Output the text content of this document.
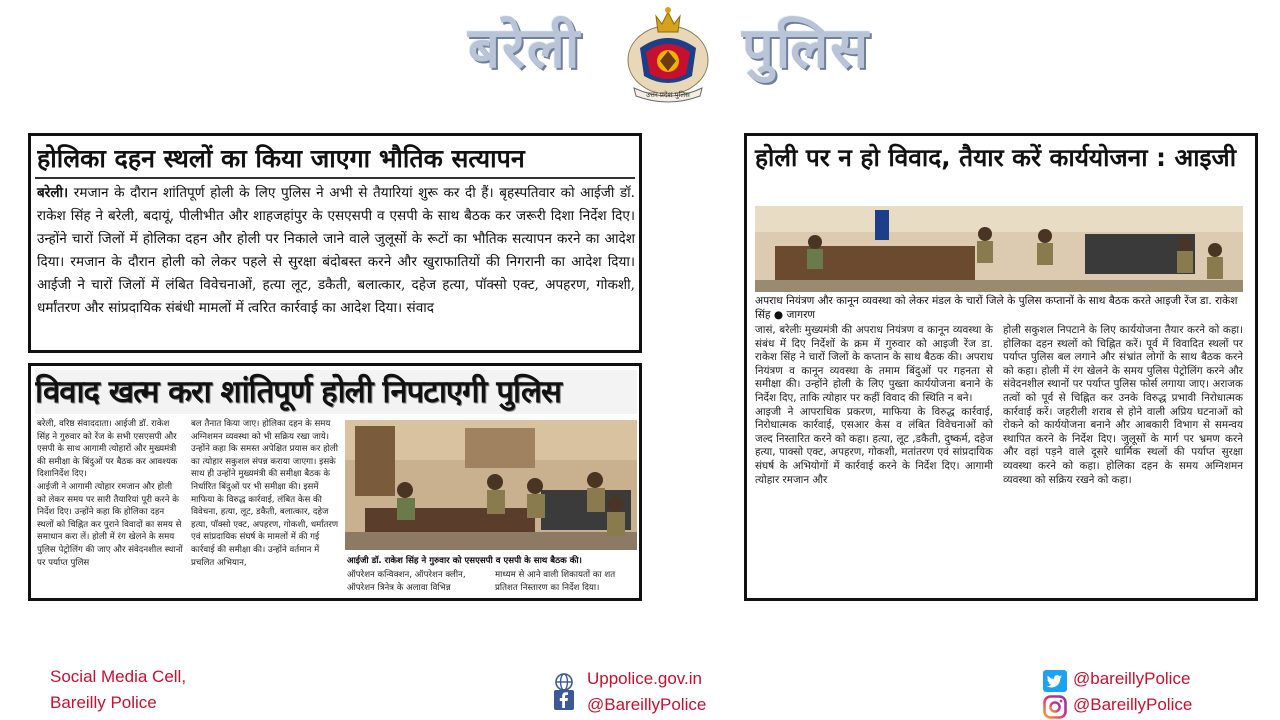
बरेली
उत्तर प्रदेश पुलिस
पुलिस
होलिका दहन स्थलों का किया जाएगा भौतिक सत्यापन
बरेली। रमजान के दौरान शांतिपूर्ण होली के लिए पुलिस ने अभी से तैयारियां शुरू कर दी हैं। बृहस्पतिवार को आईजी डॉ. राकेश सिंह ने बरेली, बदायूं, पीलीभीत और शाहजहांपुर के एसएसपी व एसपी के साथ बैठक कर जरूरी दिशा निर्देश दिए। उन्होंने चारों जिलों में होलिका दहन और होली पर निकाले जाने वाले जुलूसों के रूटों का भौतिक सत्यापन करने का आदेश दिया। रमजान के दौरान होली को लेकर पहले से सुरक्षा बंदोबस्त करने और खुराफातियों की निगरानी का आदेश दिया। आईजी ने चारों जिलों में लंबित विवेचनाओं, हत्या लूट, डकैती, बलात्कार, दहेज हत्या, पॉक्सो एक्ट, अपहरण, गोकशी, धर्मांतरण और सांप्रदायिक संबंधी मामलों में त्वरित कार्रवाई का आदेश दिया। संवाद
विवाद खत्म करा शांतिपूर्ण होली निपटाएगी पुलिस
बरेली, वरिष्ठ संवाददाता। आईजी डॉ. राकेश सिंह ने गुरुवार को रेंज के सभी एसएसपी और एसपी के साथ आगामी त्योहारों और मुख्यमंत्री की समीक्षा के बिंदुओं पर बैठक कर आवश्यक दिशानिर्देश दिए।
आईजी ने आगामी त्योहार रमजान और होली को लेकर समय पर सारी तैयारियां पूरी करने के निर्देश दिए। उन्होंने कहा कि होलिका दहन स्थलों को चिह्नित कर पुराने विवादों का समय से समाधान करा लें। होली में रंग खेलने के समय पुलिस पेट्रोलिंग की जाए और संवेदनशील स्थानों पर पर्याप्त पुलिस
बल तैनात किया जाए। होलिका दहन के समय अग्निशमन व्यवस्था को भी सक्रिय रखा जाये। उन्होंने कहा कि समस्त अपेक्षित प्रयास कर होली का त्योहार सकुशल संपन्न कराया जाएगा। इसके साथ ही उन्होंने मुख्यमंत्री की समीक्षा बैठक के निर्धारित बिंदुओं पर भी समीक्षा की। इसमें माफिया के विरुद्ध कार्रवाई, लंबित केस की विवेचना, हत्या, लूट, डकैती, बलात्कार, दहेज हत्या, पॉक्सो एक्ट, अपहरण, गोकशी, धर्मांतरण एवं सांप्रदायिक संघर्ष के मामलों में की गई कार्रवाई की समीक्षा की। उन्होंने वर्तमान में प्रचलित अभियान,	आईजी डॉ. राकेश सिंह ने गुरुवार को एसएसपी व एसपी के साथ बैठक की।
ऑपरेशन कन्विक्शन, ऑपरेशन क्लीन, ऑपरेशन त्रिनेत्र के अलावा विभिन्न
माध्यम से आने वाली शिकायतों का शत प्रतिशत निस्तारण का निर्देश दिया।
होली पर न हो विवाद, तैयार करें कार्ययोजना : आइजी
अपराध नियंत्रण और कानून व्यवस्था को लेकर मंडल के चारों जिले के पुलिस कप्तानों के साथ बैठक करते आइजी रेंज डा. राकेश सिंह ● जागरण
जासं, बरेलीः मुख्यमंत्री की अपराध नियंत्रण व कानून व्यवस्था के संबंध में दिए निर्देशों के क्रम में गुरुवार को आइजी रेंज डा. राकेश सिंह ने चारों जिलों के कप्तान के साथ बैठक की। अपराध नियंत्रण व कानून व्यवस्था के तमाम बिंदुओं पर गहनता से समीक्षा की। उन्होंने होली के लिए पुख्ता कार्ययोजना बनाने के निर्देश दिए, ताकि त्योहार पर कहीं विवाद की स्थिति न बने।
आइजी ने आपराधिक प्रकरण, माफिया के विरुद्ध कार्रवाई, निरोधात्मक कार्रवाई, एसआर केस व लंबित विवेचनाओं को जल्द निस्तारित करने को कहा। हत्या, लूट ,डकैती, दुष्कर्म, दहेज हत्या, पाक्सो एक्ट, अपहरण, गोकशी, मतांतरण एवं सांप्रदायिक संघर्ष के अभियोगों में कार्रवाई करने के निर्देश दिए। आगामी त्योहार रमजान और
होली सकुशल निपटाने के लिए कार्ययोजना तैयार करने को कहा। होलिका दहन स्थलों को चिह्नित करें। पूर्व में विवादित स्थलों पर पर्याप्त पुलिस बल लगाने और संभ्रांत लोगों के साथ बैठक करने को कहा। होली में रंग खेलने के समय पुलिस पेट्रोलिंग करने और संवेदनशील स्थानों पर पर्याप्त पुलिस फोर्स लगाया जाए। अराजक तत्वों को पूर्व से चिह्नित कर उनके विरुद्ध प्रभावी निरोधात्मक कार्रवाई करें। जहरीली शराब से होने वाली अप्रिय घटनाओं को रोकने को कार्ययोजना बनाने और आबकारी विभाग से समन्वय स्थापित करने के निर्देश दिए। जुलूसों के मार्ग पर भ्रमण करने और वहां पड़ने वाले दूसरे धार्मिक स्थलों की पर्याप्त सुरक्षा व्यवस्था करने को कहा। होलिका दहन के समय अग्निशमन व्यवस्था को सक्रिय रखने को कहा।
Social Media Cell,
Bareilly Police
Uppolice.gov.in
@BareillyPolice
@bareillyPolice
@BareillyPolice
